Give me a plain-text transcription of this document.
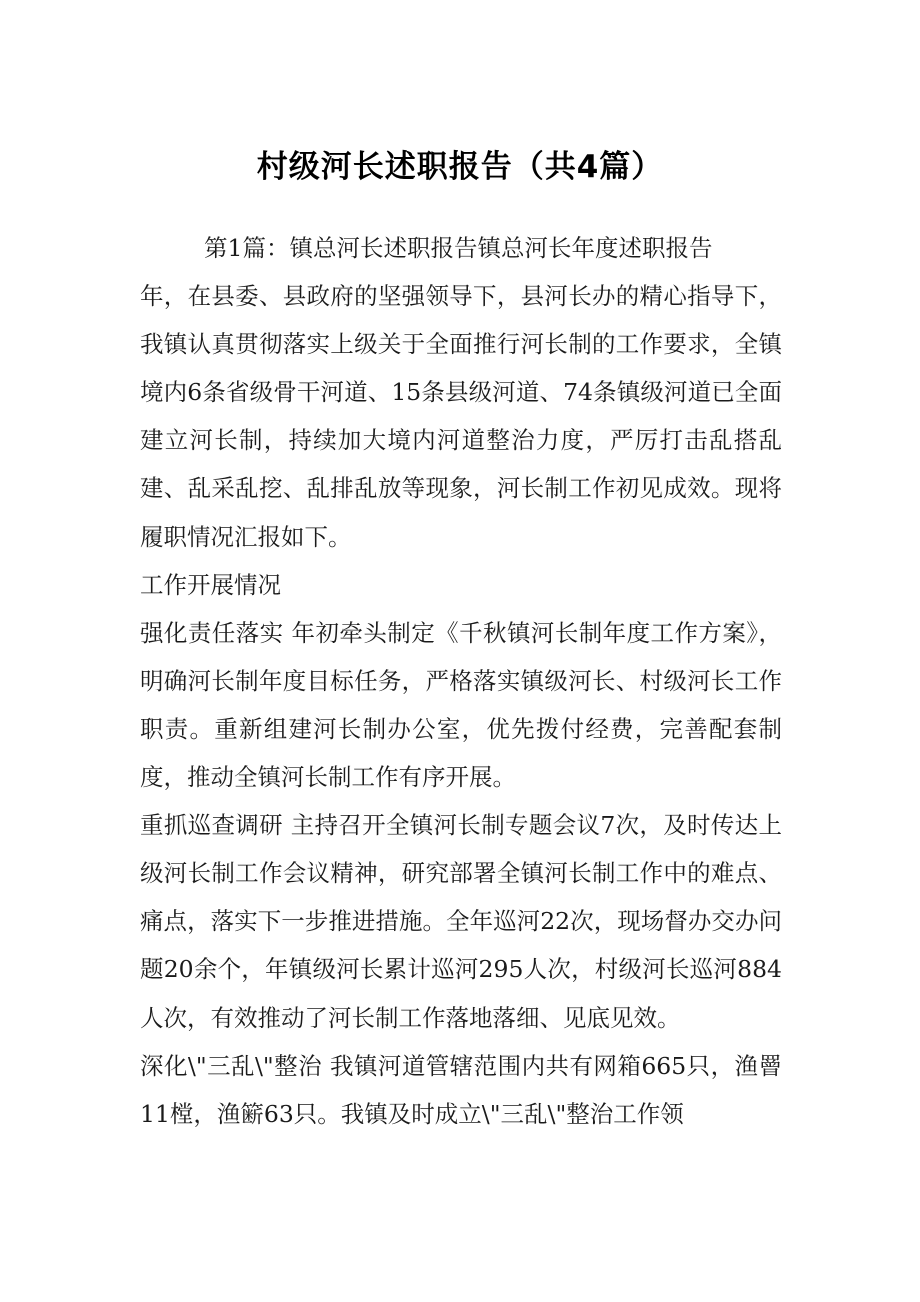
村级河长述职报告（共4篇）

第1篇：镇总河长述职报告镇总河长年度述职报告

年，在县委、县政府的坚强领导下，县河长办的精心指导下，我镇认真贯彻落实上级关于全面推行河长制的工作要求，全镇境内6条省级骨干河道、15条县级河道、74条镇级河道已全面建立河长制，持续加大境内河道整治力度，严厉打击乱搭乱建、乱采乱挖、乱排乱放等现象，河长制工作初见成效。现将履职情况汇报如下。

工作开展情况

强化责任落实 年初牵头制定《千秋镇河长制年度工作方案》，明确河长制年度目标任务，严格落实镇级河长、村级河长工作职责。重新组建河长制办公室，优先拨付经费，完善配套制度，推动全镇河长制工作有序开展。

重抓巡查调研 主持召开全镇河长制专题会议7次，及时传达上级河长制工作会议精神，研究部署全镇河长制工作中的难点、痛点，落实下一步推进措施。全年巡河22次，现场督办交办问题20余个，年镇级河长累计巡河295人次，村级河长巡河884人次，有效推动了河长制工作落地落细、见底见效。

深化\"三乱\"整治 我镇河道管辖范围内共有网箱665只，渔罾11樘，渔簖63只。我镇及时成立\"三乱\"整治工作领
